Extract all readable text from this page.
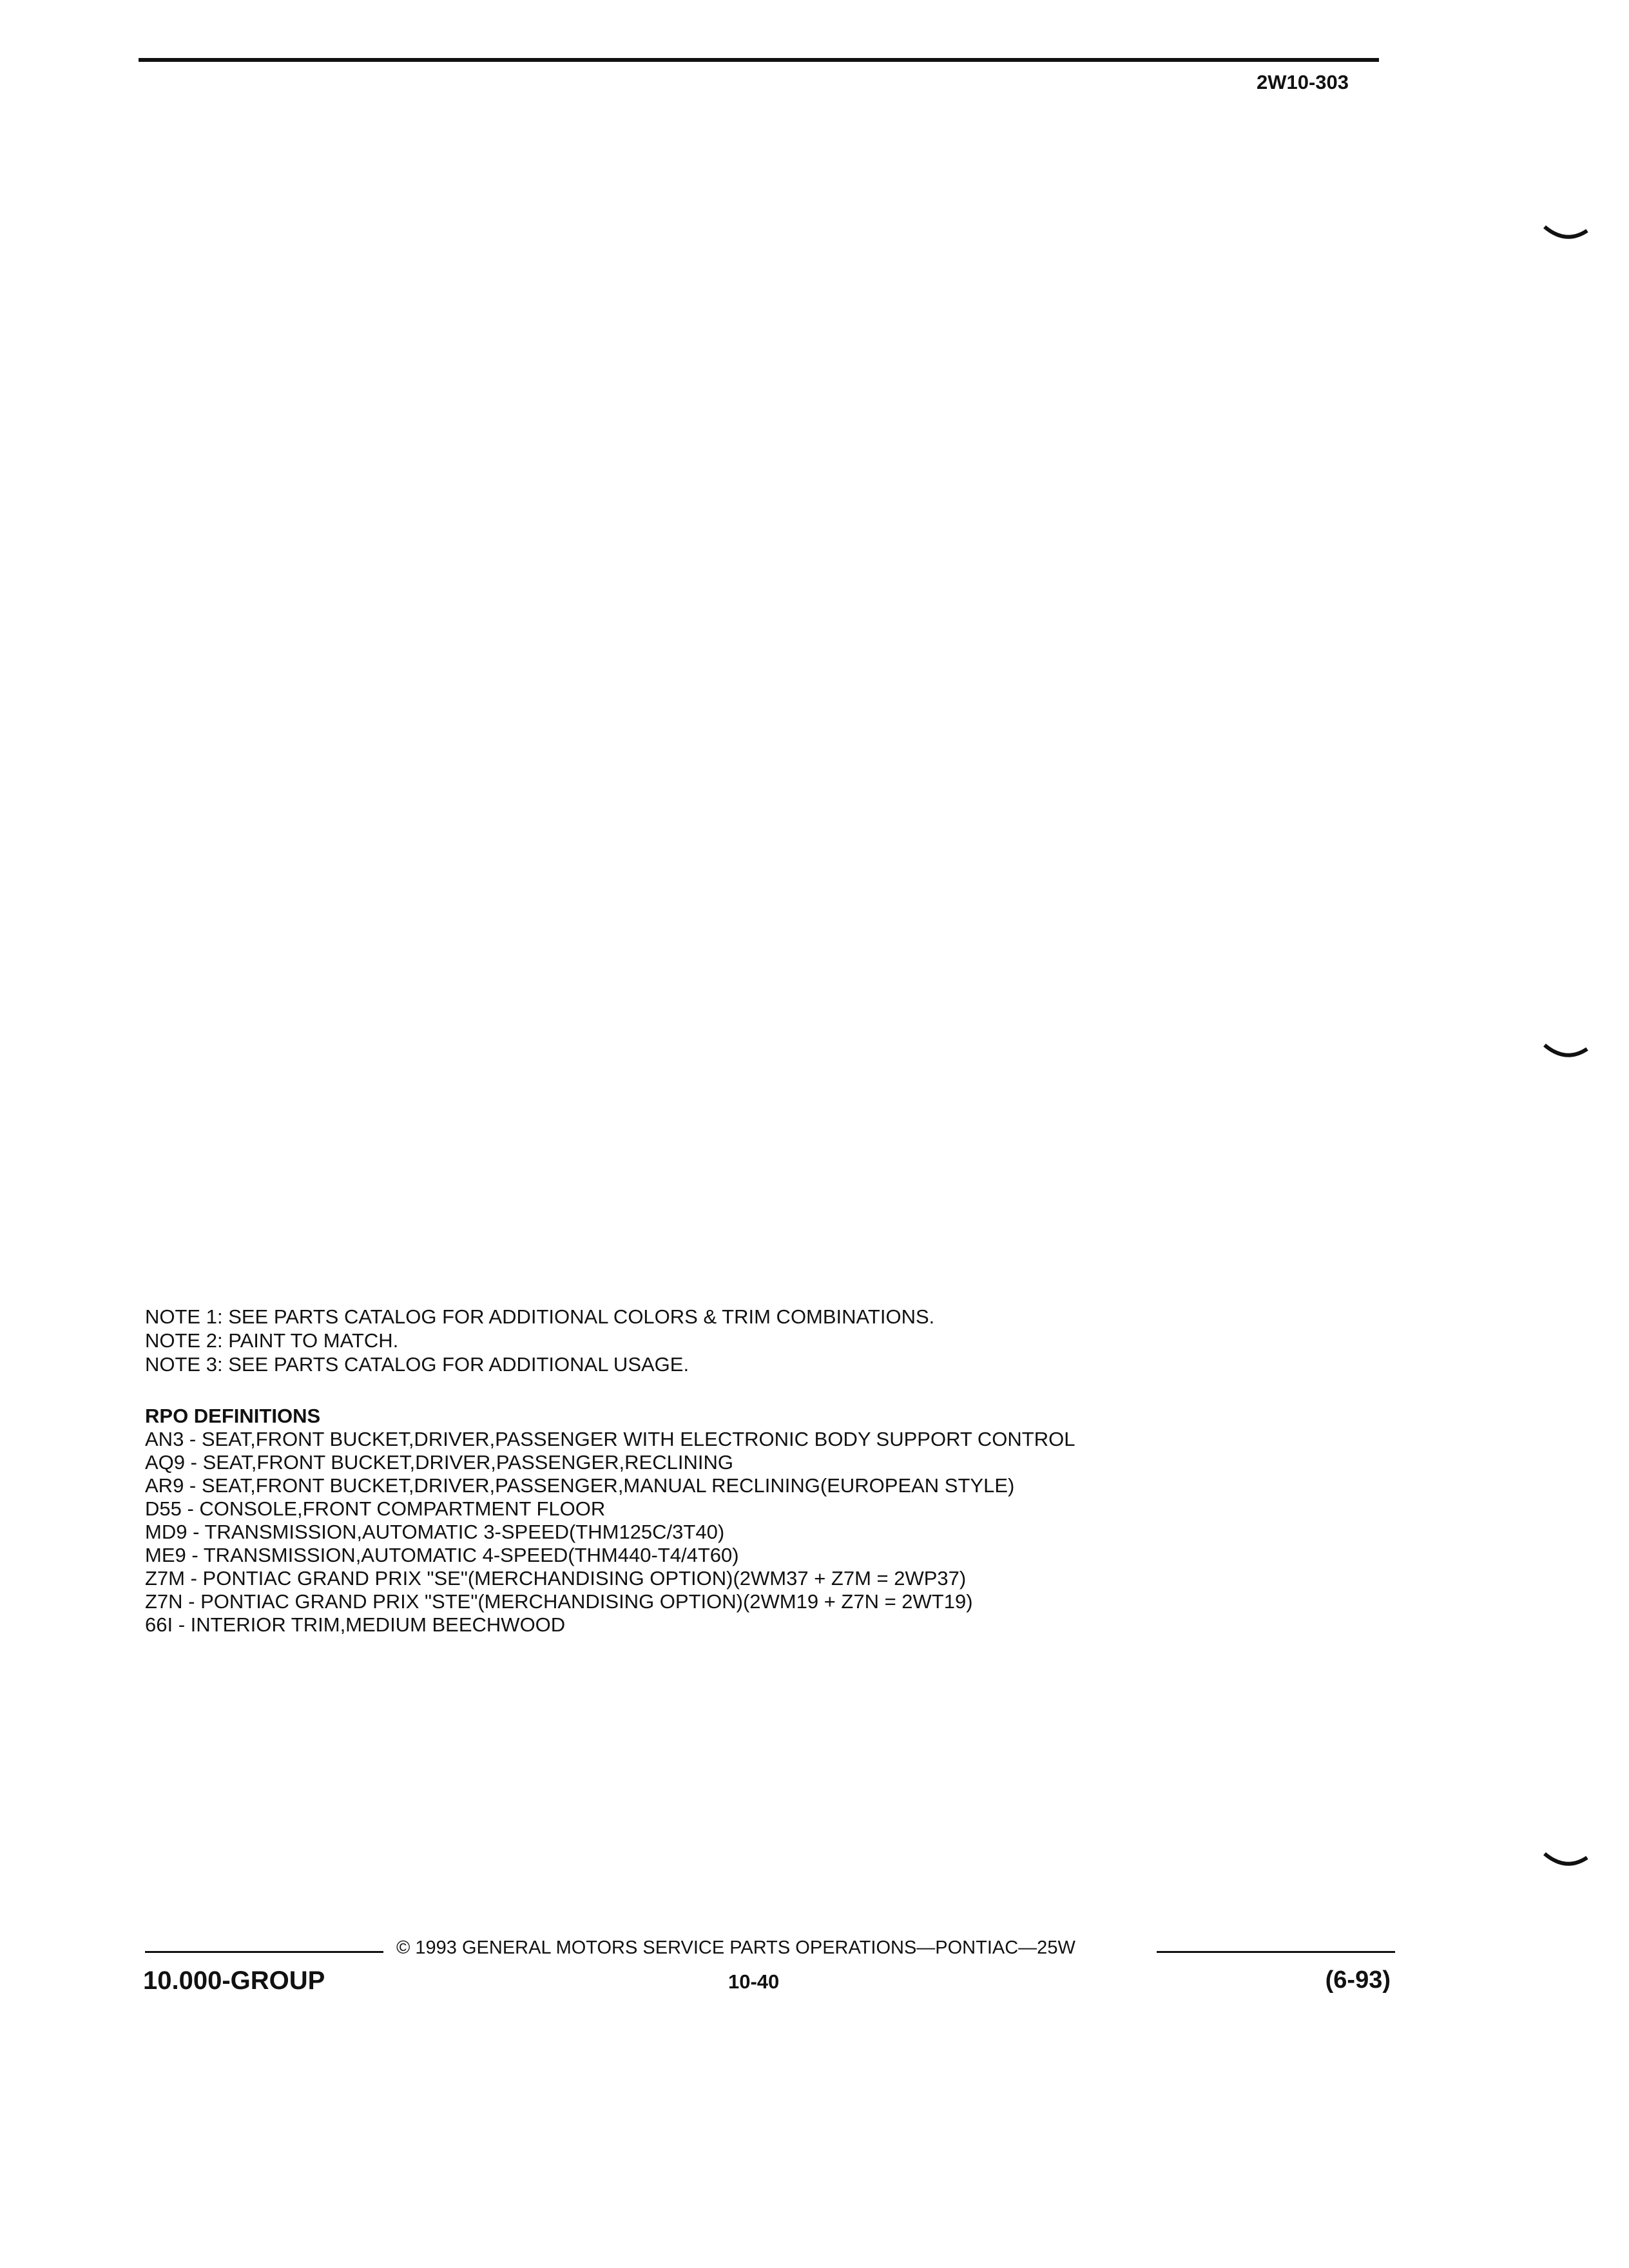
2W10-303
NOTE 1: SEE PARTS CATALOG FOR ADDITIONAL COLORS & TRIM COMBINATIONS.
NOTE 2: PAINT TO MATCH.
NOTE 3: SEE PARTS CATALOG FOR ADDITIONAL USAGE.
RPO DEFINITIONS
AN3 - SEAT,FRONT BUCKET,DRIVER,PASSENGER WITH ELECTRONIC BODY SUPPORT CONTROL
AQ9 - SEAT,FRONT BUCKET,DRIVER,PASSENGER,RECLINING
AR9 - SEAT,FRONT BUCKET,DRIVER,PASSENGER,MANUAL RECLINING(EUROPEAN STYLE)
D55 - CONSOLE,FRONT COMPARTMENT FLOOR
MD9 - TRANSMISSION,AUTOMATIC 3-SPEED(THM125C/3T40)
ME9 - TRANSMISSION,AUTOMATIC 4-SPEED(THM440-T4/4T60)
Z7M - PONTIAC GRAND PRIX "SE"(MERCHANDISING OPTION)(2WM37 + Z7M = 2WP37)
Z7N - PONTIAC GRAND PRIX "STE"(MERCHANDISING OPTION)(2WM19 + Z7N = 2WT19)
66I - INTERIOR TRIM,MEDIUM BEECHWOOD
© 1993 GENERAL MOTORS SERVICE PARTS OPERATIONS—PONTIAC—25W
10.000-GROUP	10-40	(6-93)
